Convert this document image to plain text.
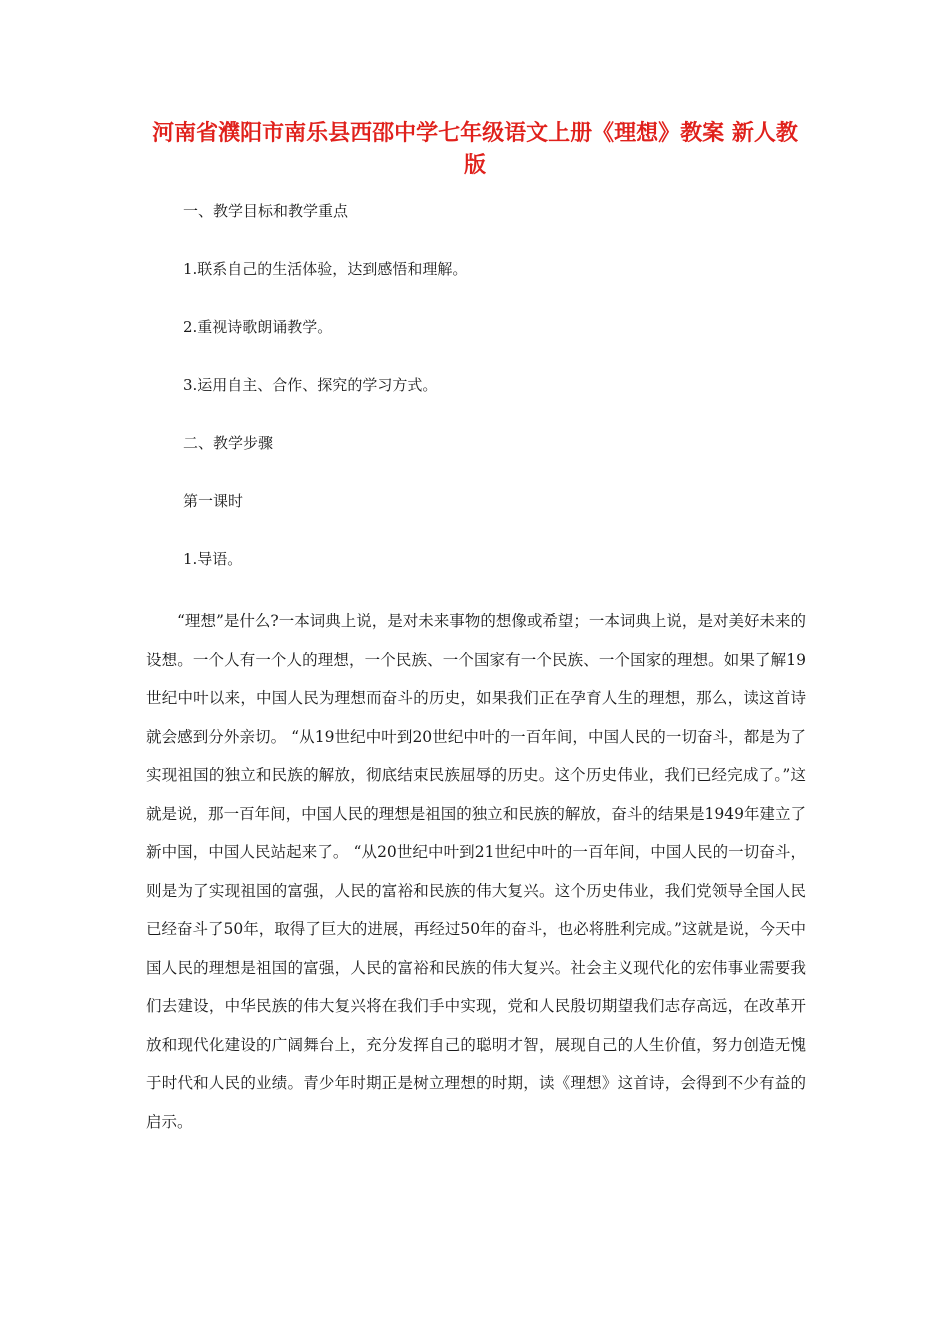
河南省濮阳市南乐县西邵中学七年级语文上册《理想》教案 新人教版
一、教学目标和教学重点
1.联系自己的生活体验，达到感悟和理解。
2.重视诗歌朗诵教学。
3.运用自主、合作、探究的学习方式。
二、教学步骤
第一课时
1.导语。
“理想”是什么?一本词典上说，是对未来事物的想像或希望；一本词典上说，是对美好未来的设想。一个人有一个人的理想，一个民族、一个国家有一个民族、一个国家的理想。如果了解19世纪中叶以来，中国人民为理想而奋斗的历史，如果我们正在孕育人生的理想，那么，读这首诗就会感到分外亲切。 “从19世纪中叶到20世纪中叶的一百年间，中国人民的一切奋斗，都是为了实现祖国的独立和民族的解放，彻底结束民族屈辱的历史。这个历史伟业，我们已经完成了。”这就是说，那一百年间，中国人民的理想是祖国的独立和民族的解放，奋斗的结果是1949年建立了新中国，中国人民站起来了。 “从20世纪中叶到21世纪中叶的一百年间，中国人民的一切奋斗，则是为了实现祖国的富强，人民的富裕和民族的伟大复兴。这个历史伟业，我们党领导全国人民已经奋斗了50年，取得了巨大的进展，再经过50年的奋斗，也必将胜利完成。”这就是说，今天中国人民的理想是祖国的富强，人民的富裕和民族的伟大复兴。社会主义现代化的宏伟事业需要我们去建设，中华民族的伟大复兴将在我们手中实现，党和人民殷切期望我们志存高远，在改革开放和现代化建设的广阔舞台上，充分发挥自己的聪明才智，展现自己的人生价值，努力创造无愧于时代和人民的业绩。青少年时期正是树立理想的时期，读《理想》这首诗，会得到不少有益的启示。
